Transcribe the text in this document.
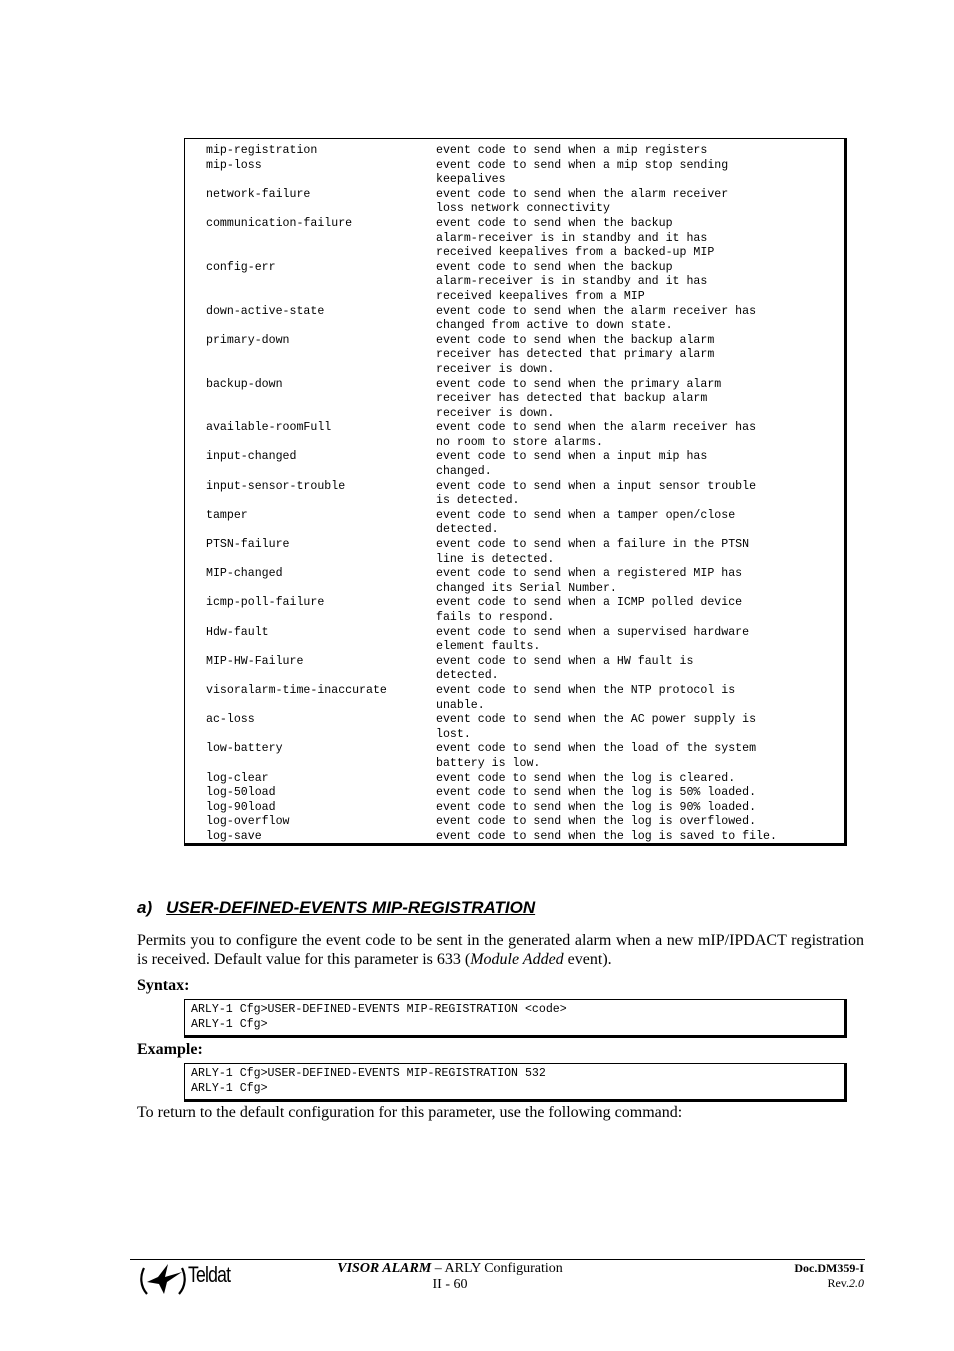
mip-registration	event code to send when a mip registers
mip-loss	event code to send when a mip stop sending
keepalives
network-failure	event code to send when the alarm receiver
loss network connectivity
communication-failure	event code to send when the backup
alarm-receiver is in standby and it has
received keepalives from a backed-up MIP
config-err	event code to send when the backup
alarm-receiver is in standby and it has
received keepalives from a MIP
down-active-state	event code to send when the alarm receiver has
changed from active to down state.
primary-down	event code to send when the backup alarm
receiver has detected that primary alarm
receiver is down.
backup-down	event code to send when the primary alarm
receiver has detected that backup alarm
receiver is down.
available-roomFull	event code to send when the alarm receiver has
no room to store alarms.
input-changed	event code to send when a input mip has
changed.
input-sensor-trouble	event code to send when a input sensor trouble
is detected.
tamper	event code to send when a tamper open/close
detected.
PTSN-failure	event code to send when a failure in the PTSN
line is detected.
MIP-changed	event code to send when a registered MIP has
changed its Serial Number.
icmp-poll-failure	event code to send when a ICMP polled device
fails to respond.
Hdw-fault	event code to send when a supervised hardware
element faults.
MIP-HW-Failure	event code to send when a HW fault is
detected.
visoralarm-time-inaccurate	event code to send when the NTP protocol is
unable.
ac-loss	event code to send when the AC power supply is
lost.
low-battery	event code to send when the load of the system
battery is low.
log-clear	event code to send when the log is cleared.
log-50load	event code to send when the log is 50% loaded.
log-90load	event code to send when the log is 90% loaded.
log-overflow	event code to send when the log is overflowed.
log-save	event code to send when the log is saved to file.
a) USER-DEFINED-EVENTS MIP-REGISTRATION

Permits you to configure the event code to be sent in the generated alarm when a new mIP/IPDACT registration is received. Default value for this parameter is 633 (Module Added event).

Syntax:

ARLY-1 Cfg>USER-DEFINED-EVENTS MIP-REGISTRATION <code>
ARLY-1 Cfg>

Example:

ARLY-1 Cfg>USER-DEFINED-EVENTS MIP-REGISTRATION 532
ARLY-1 Cfg>

To return to the default configuration for this parameter, use the following command:

Teldat	VISOR ALARM – ARLY Configuration
II - 60
Doc.DM359-I
Rev.2.0
